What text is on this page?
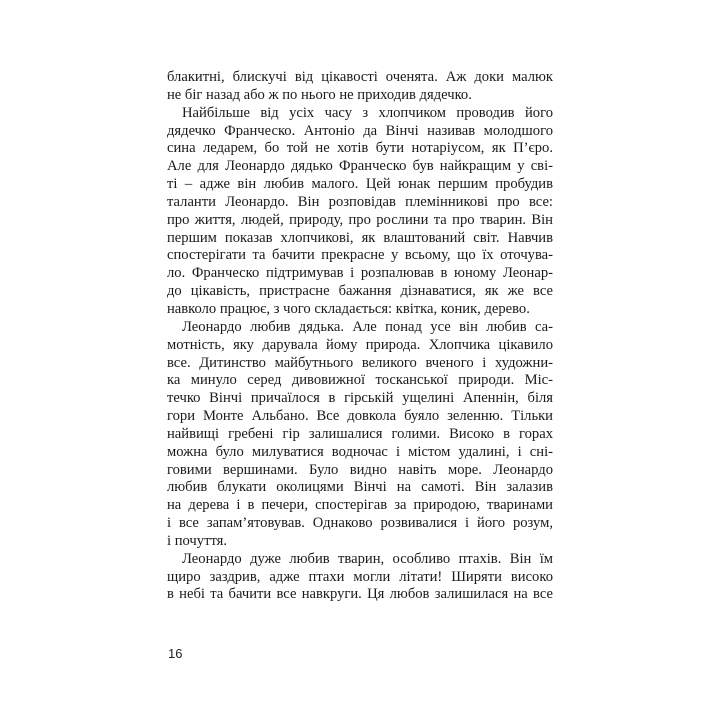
блакитні, блискучі від цікавості оченята. Аж доки малюк
не біг назад або ж по нього не приходив дядечко.
Найбільше від усіх часу з хлопчиком проводив його
дядечко Франческо. Антоніо да Вінчі називав молодшого
сина ледарем, бо той не хотів бути нотаріусом, як П’єро.
Але для Леонардо дядько Франческо був найкращим у сві-
ті – адже він любив малого. Цей юнак першим пробудив
таланти Леонардо. Він розповідав племінникові про все:
про життя, людей, природу, про рослини та про тварин. Він
першим показав хлопчикові, як влаштований світ. Навчив
спостерігати та бачити прекрасне у всьому, що їх оточува-
ло. Франческо підтримував і розпалював в юному Леонар-
до цікавість, пристрасне бажання дізнаватися, як же все
навколо працює, з чого складається: квітка, коник, дерево.
Леонардо любив дядька. Але понад усе він любив са-
мотність, яку дарувала йому природа. Хлопчика цікавило
все. Дитинство майбутнього великого вченого і художни-
ка минуло серед дивовижної тосканської природи. Міс-
течко Вінчі причаїлося в гірській ущелині Апеннін, біля
гори Монте Альбано. Все довкола буяло зеленню. Тільки
найвищі гребені гір залишалися голими. Високо в горах
можна було милуватися водночас і містом удалині, і сні-
говими вершинами. Було видно навіть море. Леонардо
любив блукати околицями Вінчі на самоті. Він залазив
на дерева і в печери, спостерігав за природою, тваринами
і все запам’ятовував. Однаково розвивалися і його розум,
і почуття.
Леонардо дуже любив тварин, особливо птахів. Він їм
щиро заздрив, адже птахи могли літати! Ширяти високо
в небі та бачити все навкруги. Ця любов залишилася на все
16
